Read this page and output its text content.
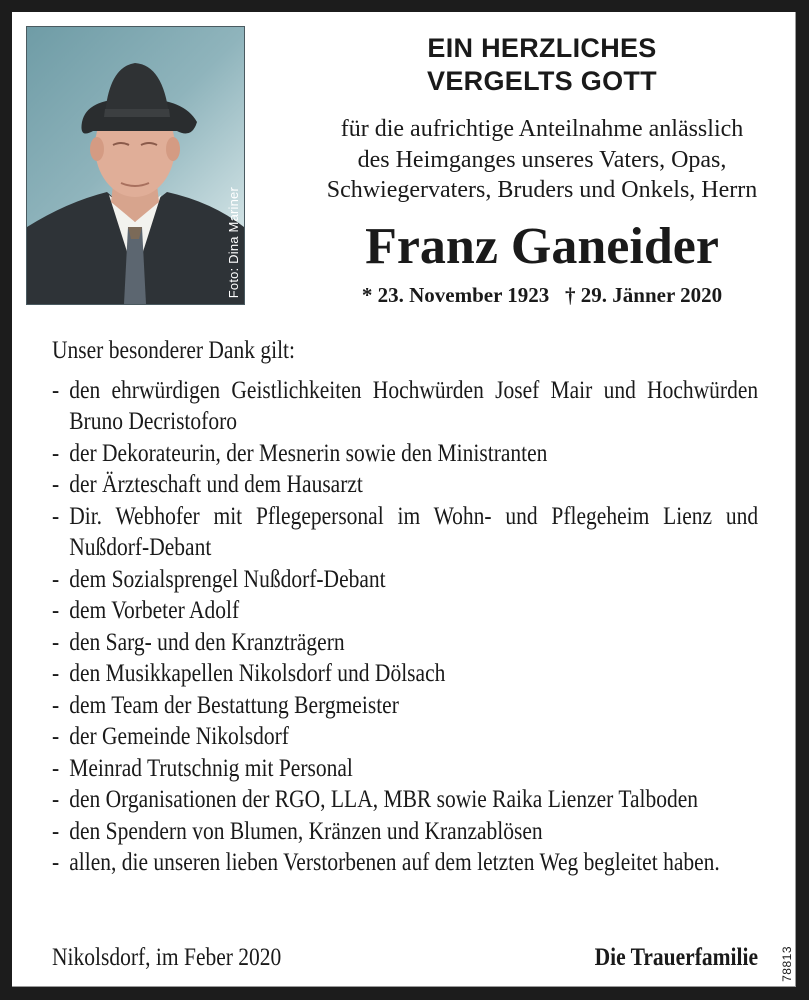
Foto: Dina Mariner
EIN HERZLICHES
VERGELTS GOTT
für die aufrichtige Anteilnahme anlässlich
des Heimganges unseres Vaters, Opas,
Schwiegervaters, Bruders und Onkels, Herrn
Franz Ganeider
* 23. November 1923   † 29. Jänner 2020
Unser besonderer Dank gilt:
- den ehrwürdigen Geistlichkeiten Hochwürden Josef Mair und Hochwürden Bruno Decristoforo
- der Dekorateurin, der Mesnerin sowie den Ministranten
- der Ärzteschaft und dem Hausarzt
- Dir. Webhofer mit Pflegepersonal im Wohn- und Pflegeheim Lienz und Nußdorf-Debant
- dem Sozialsprengel Nußdorf-Debant
- dem Vorbeter Adolf
- den Sarg- und den Kranzträgern
- den Musikkapellen Nikolsdorf und Dölsach
- dem Team der Bestattung Bergmeister
- der Gemeinde Nikolsdorf
- Meinrad Trutschnig mit Personal
- den Organisationen der RGO, LLA, MBR sowie Raika Lienzer Talboden
- den Spendern von Blumen, Kränzen und Kranzablösen
- allen, die unseren lieben Verstorbenen auf dem letzten Weg begleitet haben.
Nikolsdorf, im Feber 2020	Die Trauerfamilie 78813
